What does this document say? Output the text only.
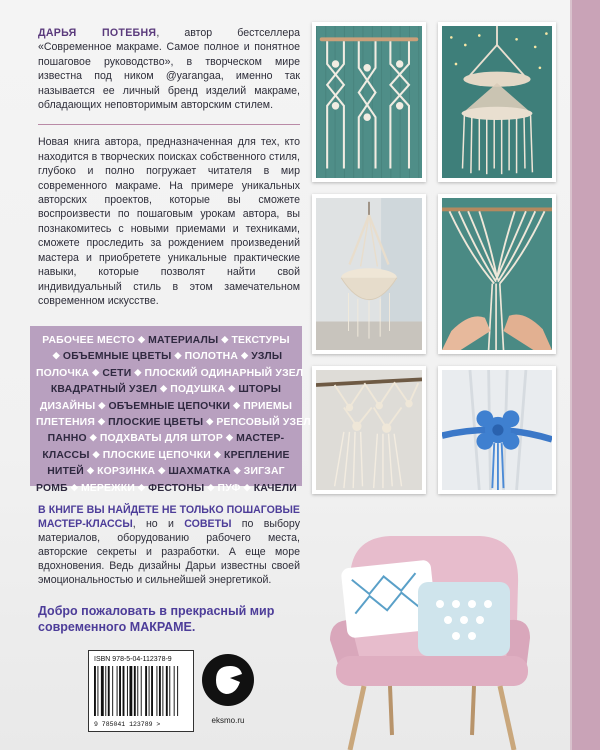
ДАРЬЯ ПОТЕБНЯ, автор бестселлера «Современное макраме. Самое полное и понятное пошаговое руководство», в творческом мире известна под ником @yarangaa, именно так называется ее личный бренд изделий макраме, обладающих неповторимым авторским стилем.

Новая книга автора, предназначенная для тех, кто находится в творческих поисках собственного стиля, глубоко и полно погружает читателя в мир современного макраме. На примере уникальных авторских проектов, которые вы сможете воспроизвести по пошаговым урокам автора, вы познакомитесь с новыми приемами и техниками, сможете проследить за рождением произведений мастера и приобретете уникальные практические навыки, которые позволят найти свой индивидуальный стиль в этом замечательном современном искусстве.

РАБОЧЕЕ МЕСТО ◆ МАТЕРИАЛЫ ◆ ТЕКСТУРЫ
◆ ОБЪЕМНЫЕ ЦВЕТЫ ◆ ПОЛОТНА ◆ УЗЛЫ
ПОЛОЧКА ◆ СЕТИ ◆ ПЛОСКИЙ ОДИНАРНЫЙ УЗЕЛ
КВАДРАТНЫЙ УЗЕЛ ◆ ПОДУШКА ◆ ШТОРЫ
ДИЗАЙНЫ ◆ ОБЪЕМНЫЕ ЦЕПОЧКИ ◆ ПРИЕМЫ
ПЛЕТЕНИЯ ◆ ПЛОСКИЕ ЦВЕТЫ ◆ РЕПСОВЫЙ УЗЕЛ
ПАННО ◆ ПОДХВАТЫ ДЛЯ ШТОР ◆ МАСТЕР-
КЛАССЫ ◆ ПЛОСКИЕ ЦЕПОЧКИ ◆ КРЕПЛЕНИЕ
НИТЕЙ ◆ КОРЗИНКА ◆ ШАХМАТКА ◆ ЗИГЗАГ
РОМБ ◆ МЕРЕЖКИ ◆ ФЕСТОНЫ ◆ ПУФ ◆ КАЧЕЛИ

В КНИГЕ ВЫ НАЙДЕТЕ НЕ ТОЛЬКО ПОШАГОВЫЕ МАСТЕР-КЛАССЫ, но и СОВЕТЫ по выбору материалов, оборудованию рабочего места, авторские секреты и разработки. А еще море вдохновения. Ведь дизайны Дарьи известны своей эмоциональностью и сильнейшей энергетикой.

Добро пожаловать в прекрасный мир современного МАКРАМЕ.

ISBN 978-5-04-112378-9
9 785041 123789 >	eksmo.ru
